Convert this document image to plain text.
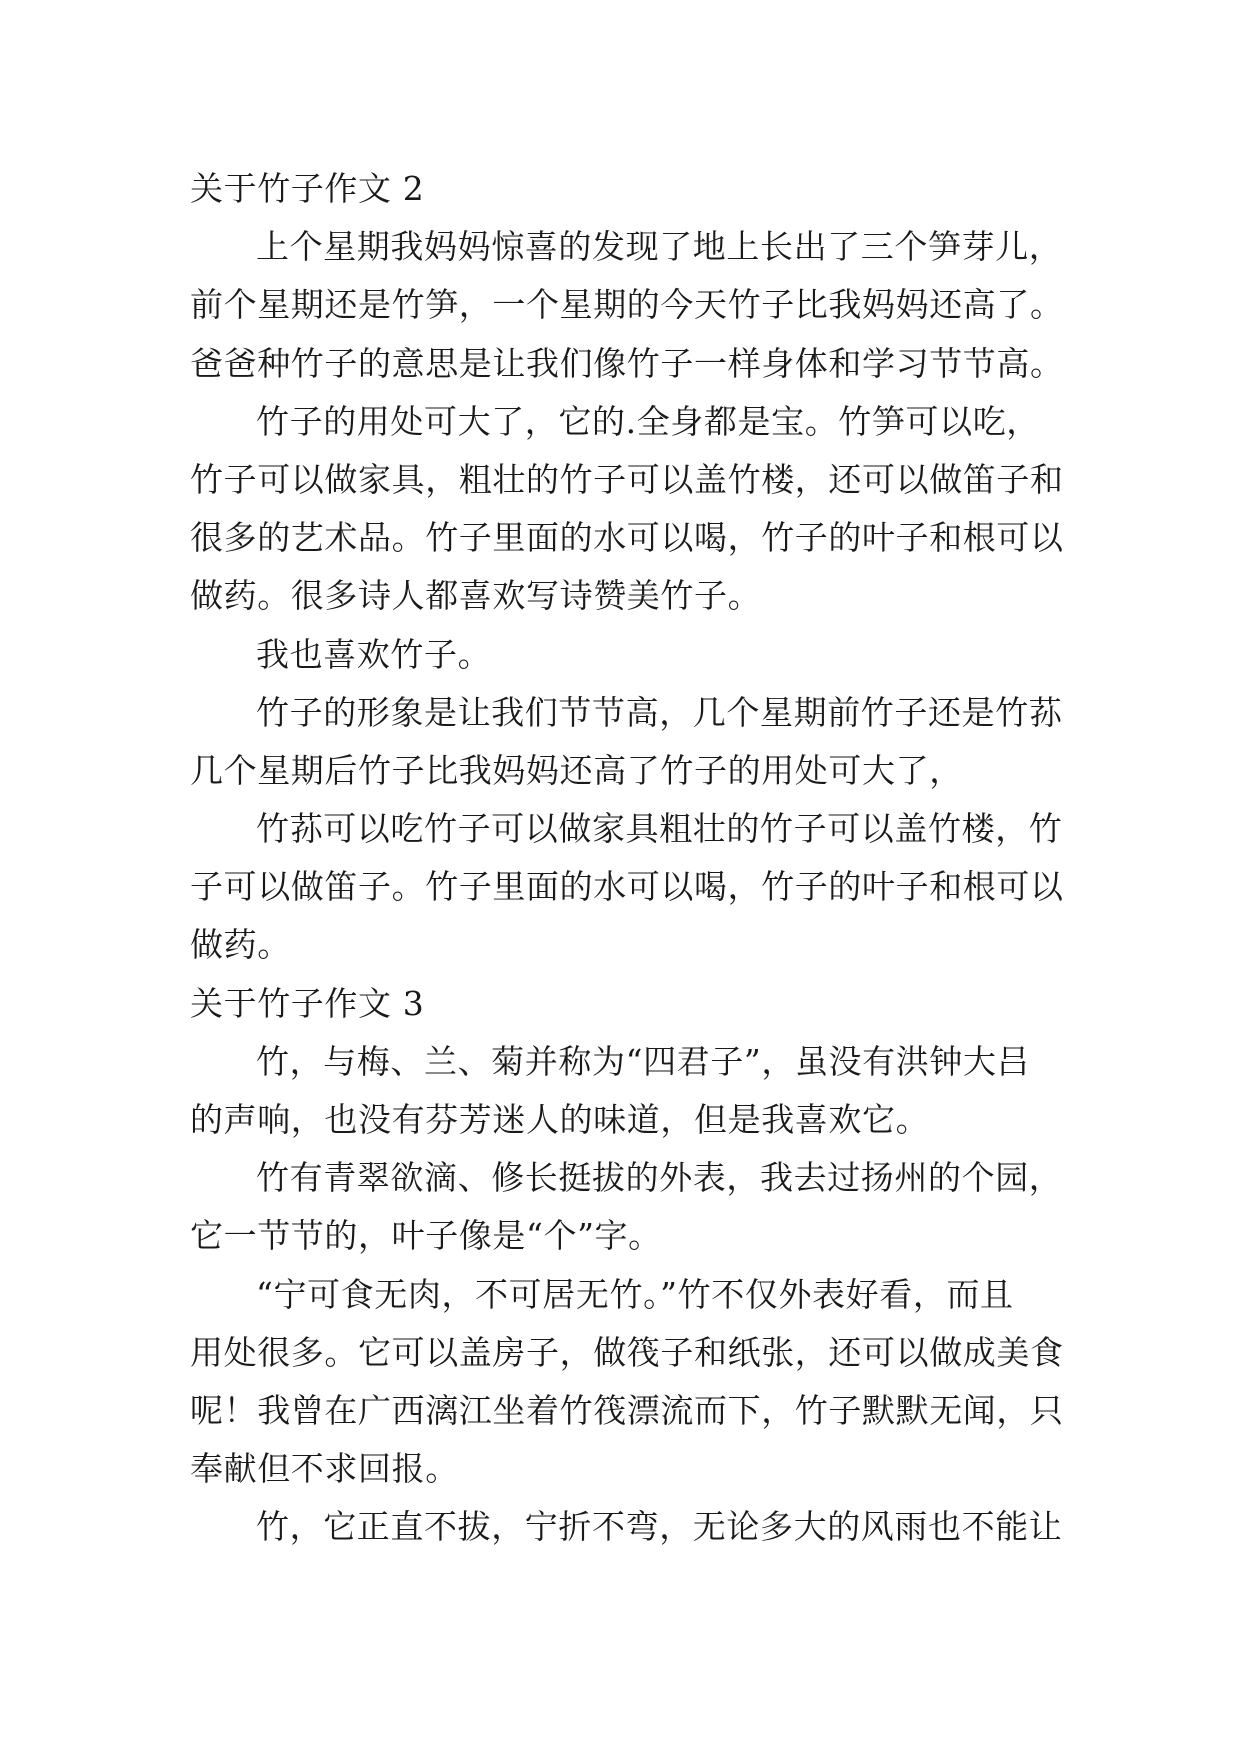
关于竹子作文 2
上个星期我妈妈惊喜的发现了地上长出了三个笋芽儿，
前个星期还是竹笋，一个星期的今天竹子比我妈妈还高了。
爸爸种竹子的意思是让我们像竹子一样身体和学习节节高。
竹子的用处可大了，它的.全身都是宝。竹笋可以吃，
竹子可以做家具，粗壮的竹子可以盖竹楼，还可以做笛子和
很多的艺术品。竹子里面的水可以喝，竹子的叶子和根可以
做药。很多诗人都喜欢写诗赞美竹子。
我也喜欢竹子。
竹子的形象是让我们节节高，几个星期前竹子还是竹荪
几个星期后竹子比我妈妈还高了竹子的用处可大了，
竹荪可以吃竹子可以做家具粗壮的竹子可以盖竹楼，竹
子可以做笛子。竹子里面的水可以喝，竹子的叶子和根可以
做药。
关于竹子作文 3
竹，与梅、兰、菊并称为“四君子”，虽没有洪钟大吕
的声响，也没有芬芳迷人的味道，但是我喜欢它。
竹有青翠欲滴、修长挺拔的外表，我去过扬州的个园，
它一节节的，叶子像是“个”字。
“宁可食无肉，不可居无竹。”竹不仅外表好看，而且
用处很多。它可以盖房子，做筏子和纸张，还可以做成美食
呢！我曾在广西漓江坐着竹筏漂流而下，竹子默默无闻，只
奉献但不求回报。
竹，它正直不拔，宁折不弯，无论多大的风雨也不能让
